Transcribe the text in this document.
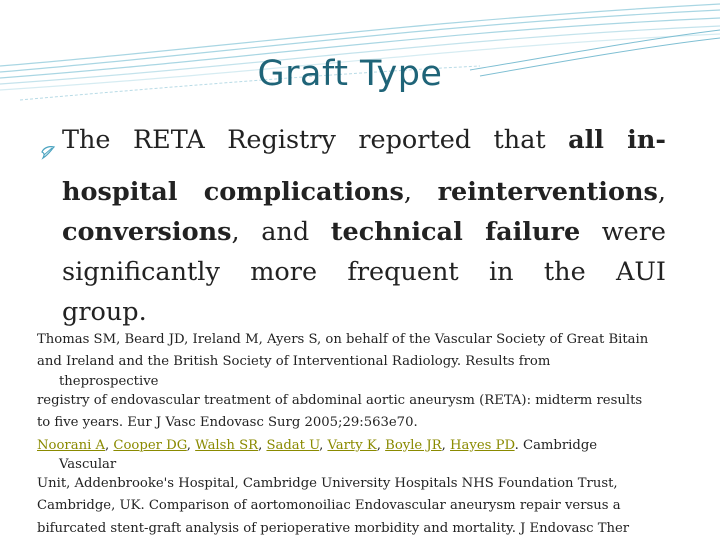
Graft Type
The RETA Registry reported that all in-
hospital complications, reinterventions,
conversions, and technical failure were
significantly more frequent in the AUI
group.
Thomas SM, Beard JD, Ireland M, Ayers S, on behalf of the Vascular Society of Great Bitain
and Ireland and the British Society of Interventional Radiology. Results from
theprospective
registry of endovascular treatment of abdominal aortic aneurysm (RETA): midterm results
to five years. Eur J Vasc Endovasc Surg 2005;29:563e70.
Noorani A, Cooper DG, Walsh SR, Sadat U, Varty K, Boyle JR, Hayes PD. Cambridge
Vascular
Unit, Addenbrooke's Hospital, Cambridge University Hospitals NHS Foundation Trust,
Cambridge, UK. Comparison of aortomonoiliac Endovascular aneurysm repair versus a
bifurcated stent-graft analysis of perioperative morbidity and mortality. J Endovasc Ther
